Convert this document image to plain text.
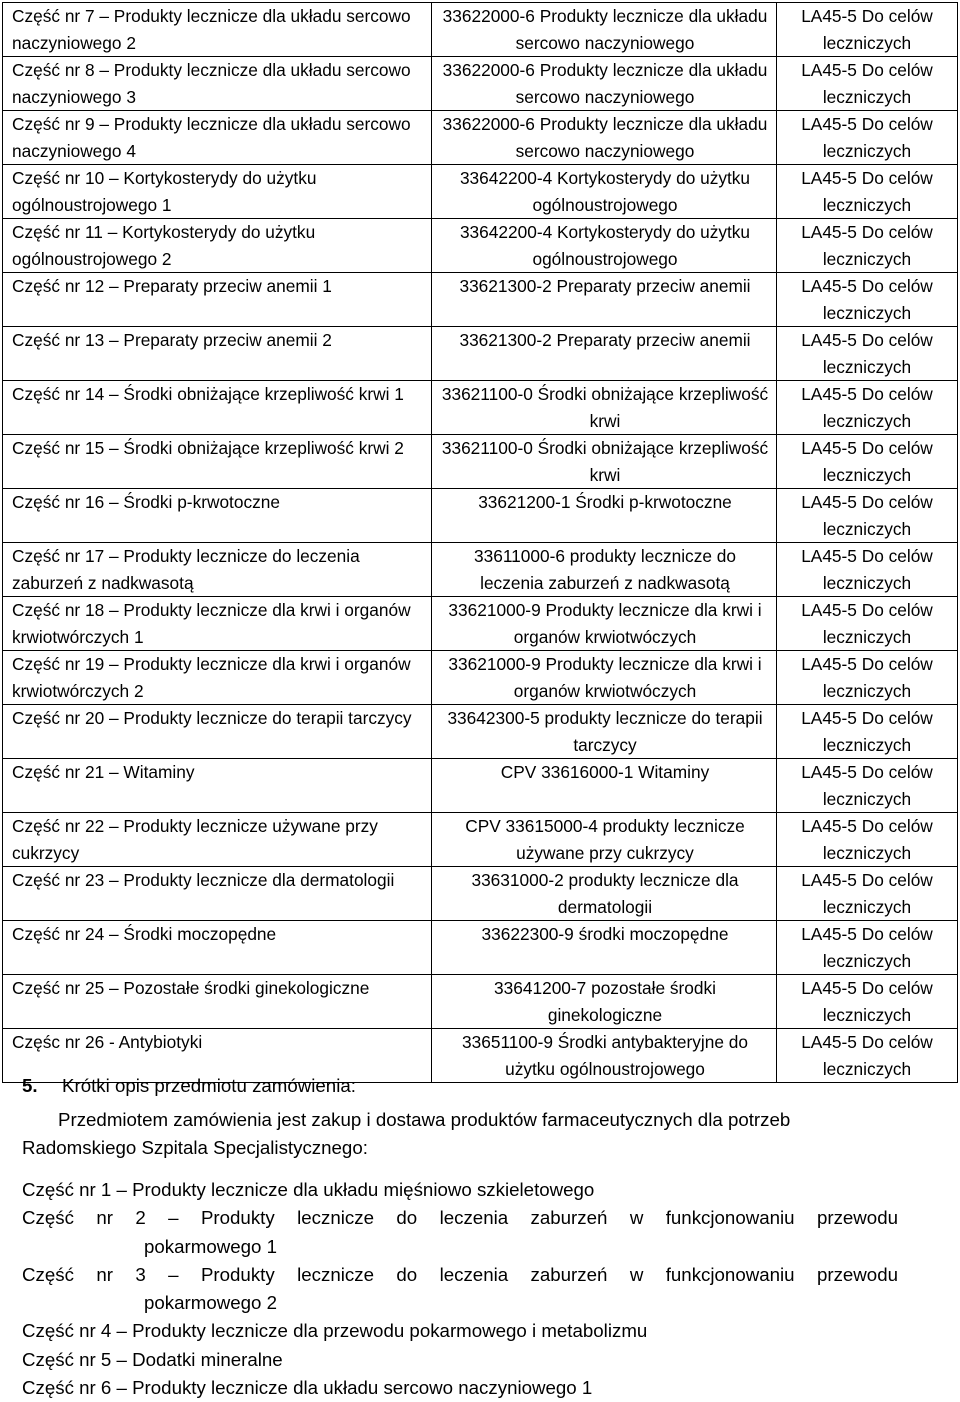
Część nr 7 – Produkty lecznicze dla układu sercowo naczyniowego 2	33622000-6 Produkty lecznicze dla układu sercowo naczyniowego	LA45-5 Do celów leczniczych
Część nr 8 – Produkty lecznicze dla układu sercowo naczyniowego 3	33622000-6 Produkty lecznicze dla układu sercowo naczyniowego	LA45-5 Do celów leczniczych
Część nr 9 – Produkty lecznicze dla układu sercowo naczyniowego 4	33622000-6 Produkty lecznicze dla układu sercowo naczyniowego	LA45-5 Do celów leczniczych
Część nr 10 – Kortykosterydy do użytku ogólnoustrojowego 1	33642200-4 Kortykosterydy do użytku ogólnoustrojowego	LA45-5 Do celów leczniczych
Część nr 11 – Kortykosterydy do użytku ogólnoustrojowego 2	33642200-4 Kortykosterydy do użytku ogólnoustrojowego	LA45-5 Do celów leczniczych
Część nr 12 – Preparaty przeciw anemii 1	33621300-2 Preparaty przeciw anemii	LA45-5 Do celów leczniczych
Część nr 13 – Preparaty przeciw anemii 2	33621300-2 Preparaty przeciw anemii	LA45-5 Do celów leczniczych
Część nr 14 – Środki obniżające krzepliwość krwi 1	33621100-0 Środki obniżające krzepliwość krwi	LA45-5 Do celów leczniczych
Część nr 15 – Środki obniżające krzepliwość krwi 2	33621100-0 Środki obniżające krzepliwość krwi	LA45-5 Do celów leczniczych
Część nr 16 – Środki p-krwotoczne	33621200-1 Środki p-krwotoczne	LA45-5 Do celów leczniczych
Część nr 17 – Produkty lecznicze do leczenia zaburzeń z nadkwasotą	33611000-6 produkty lecznicze do leczenia zaburzeń z nadkwasotą	LA45-5 Do celów leczniczych
Część nr 18 – Produkty lecznicze dla krwi i organów krwiotwórczych 1	33621000-9 Produkty lecznicze dla krwi i organów krwiotwóczych	LA45-5 Do celów leczniczych
Część nr 19 – Produkty lecznicze dla krwi i organów krwiotwórczych 2	33621000-9 Produkty lecznicze dla krwi i organów krwiotwóczych	LA45-5 Do celów leczniczych
Część nr 20 – Produkty lecznicze do terapii tarczycy	33642300-5 produkty lecznicze do terapii tarczycy	LA45-5 Do celów leczniczych
Część nr 21 – Witaminy	CPV 33616000-1 Witaminy	LA45-5 Do celów leczniczych
Część nr 22 – Produkty lecznicze używane przy cukrzycy	CPV 33615000-4 produkty lecznicze używane przy cukrzycy	LA45-5 Do celów leczniczych
Część nr 23 – Produkty lecznicze dla dermatologii	33631000-2 produkty lecznicze dla dermatologii	LA45-5 Do celów leczniczych
Część nr 24 – Środki moczopędne	33622300-9 środki moczopędne	LA45-5 Do celów leczniczych
Część nr 25 – Pozostałe środki ginekologiczne	33641200-7 pozostałe środki ginekologiczne	LA45-5 Do celów leczniczych
Częśc nr 26 - Antybiotyki	33651100-9 Środki antybakteryjne do użytku ogólnoustrojowego	LA45-5 Do celów leczniczych
5. Krótki opis przedmiotu zamówienia:
Przedmiotem zamówienia jest zakup i dostawa produktów farmaceutycznych dla potrzeb
Radomskiego Szpitala Specjalistycznego:
Część nr 1 – Produkty lecznicze dla układu mięśniowo szkieletowego
Część nr 2 – Produkty lecznicze do leczenia zaburzeń w funkcjonowaniu przewodu
pokarmowego 1
Część nr 3 – Produkty lecznicze do leczenia zaburzeń w funkcjonowaniu przewodu
pokarmowego 2
Część nr 4 – Produkty lecznicze dla przewodu pokarmowego i metabolizmu
Część nr 5 – Dodatki mineralne
Część nr 6 – Produkty lecznicze dla układu sercowo naczyniowego 1
